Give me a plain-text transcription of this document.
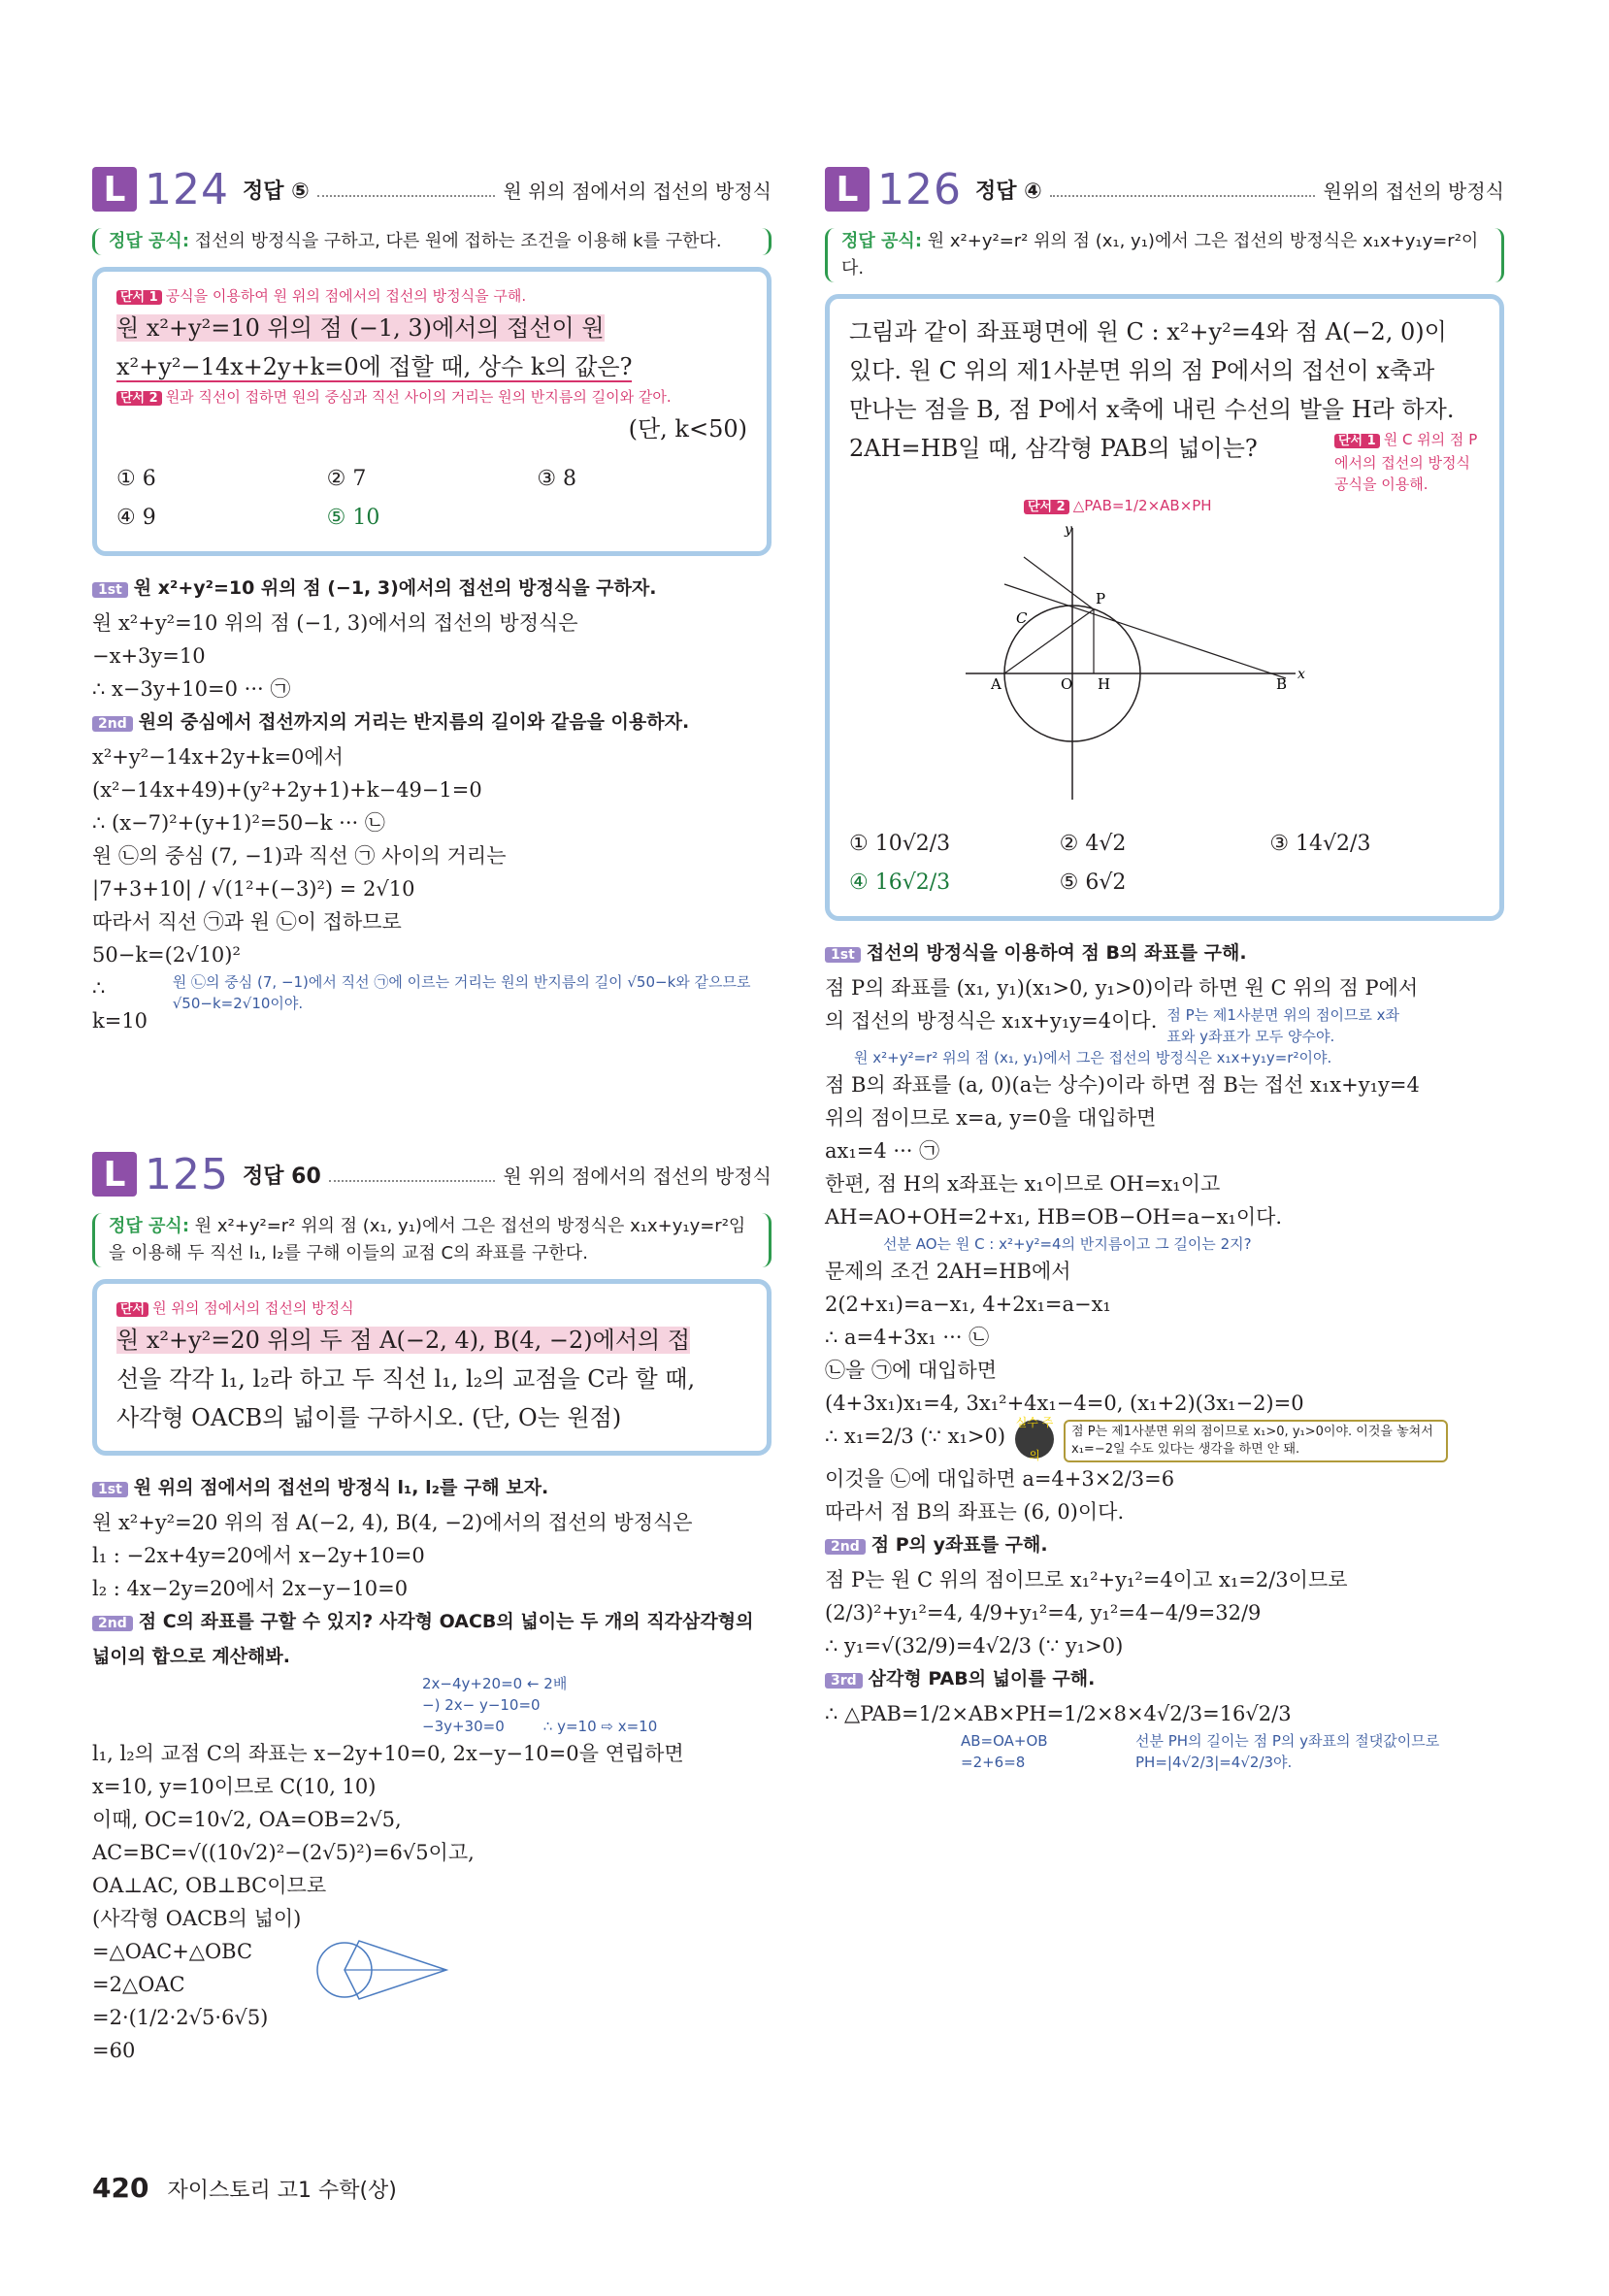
L 124 정답 ⑤	원 위의 점에서의 접선의 방정식
정답 공식: 접선의 방정식을 구하고, 다른 원에 접하는 조건을 이용해 k를 구한다.
단서 1 공식을 이용하여 원 위의 점에서의 접선의 방정식을 구해.
원 x²+y²=10 위의 점 (−1, 3)에서의 접선이 원
x²+y²−14x+2y+k=0에 접할 때, 상수 k의 값은?
단서 2 원과 직선이 접하면 원의 중심과 직선 사이의 거리는 원의 반지름의 길이와 같아.
(단, k<50)
① 6	② 7	③ 8
④ 9	⑤ 10
1st 원 x²+y²=10 위의 점 (−1, 3)에서의 접선의 방정식을 구하자.
원 x²+y²=10 위의 점 (−1, 3)에서의 접선의 방정식은
−x+3y=10
∴ x−3y+10=0 ··· ㉠
2nd 원의 중심에서 접선까지의 거리는 반지름의 길이와 같음을 이용하자.
x²+y²−14x+2y+k=0에서
(x²−14x+49)+(y²+2y+1)+k−49−1=0
∴ (x−7)²+(y+1)²=50−k ··· ㉡
원 ㉡의 중심 (7, −1)과 직선 ㉠ 사이의 거리는
|7+3+10| / √(1²+(−3)²) = 2√10
따라서 직선 ㉠과 원 ㉡이 접하므로
50−k=(2√10)²
∴ k=10
원 ㉡의 중심 (7, −1)에서 직선 ㉠에 이르는 거리는 원의 반지름의 길이 √50−k와 같으므로 √50−k=2√10이야.
L 125 정답 60	원 위의 점에서의 접선의 방정식
정답 공식: 원 x²+y²=r² 위의 점 (x₁, y₁)에서 그은 접선의 방정식은 x₁x+y₁y=r²임을 이용해 두 직선 l₁, l₂를 구해 이들의 교점 C의 좌표를 구한다.
단서 원 위의 점에서의 접선의 방정식
원 x²+y²=20 위의 두 점 A(−2, 4), B(4, −2)에서의 접
선을 각각 l₁, l₂라 하고 두 직선 l₁, l₂의 교점을 C라 할 때,
사각형 OACB의 넓이를 구하시오. (단, O는 원점)
1st 원 위의 점에서의 접선의 방정식 l₁, l₂를 구해 보자.
원 x²+y²=20 위의 점 A(−2, 4), B(4, −2)에서의 접선의 방정식은
l₁ : −2x+4y=20에서 x−2y+10=0
l₂ : 4x−2y=20에서 2x−y−10=0
2nd 점 C의 좌표를 구할 수 있지? 사각형 OACB의 넓이는 두 개의 직각삼각형의 넓이의 합으로 계산해봐.
2x−4y+20=0 ← 2배
−) 2x− y−10=0
−3y+30=0	∴ y=10 ⇨ x=10
l₁, l₂의 교점 C의 좌표는 x−2y+10=0, 2x−y−10=0을 연립하면
x=10, y=10이므로 C(10, 10)
이때, OC=10√2, OA=OB=2√5,
AC=BC=√((10√2)²−(2√5)²)=6√5이고,
OA⊥AC, OB⊥BC이므로
(사각형 OACB의 넓이)
=△OAC+△OBC
=2△OAC
=2·(1/2·2√5·6√5)
=60
L 126 정답 ④	원위의 접선의 방정식
정답 공식: 원 x²+y²=r² 위의 점 (x₁, y₁)에서 그은 접선의 방정식은 x₁x+y₁y=r²이다.
그림과 같이 좌표평면에 원 C : x²+y²=4와 점 A(−2, 0)이
있다. 원 C 위의 제1사분면 위의 점 P에서의 접선이 x축과
만나는 점을 B, 점 P에서 x축에 내린 수선의 발을 H라 하자.
2AH=HB일 때, 삼각형 PAB의 넓이는?	단서 1 원 C 위의 점 P에서의 접선의 방정식 공식을 이용해.
단서 2 △PAB=1/2×AB×PH
y
x
P
C
A	O H	B
① 10√2/3	② 4√2	③ 14√2/3
④ 16√2/3	⑤ 6√2
1st 접선의 방정식을 이용하여 점 B의 좌표를 구해.
점 P의 좌표를 (x₁, y₁)(x₁>0, y₁>0)이라 하면 원 C 위의 점 P에서
의 접선의 방정식은 x₁x+y₁y=4이다. 점 P는 제1사분면 위의 점이므로 x좌표와 y좌표가 모두 양수야.
원 x²+y²=r² 위의 점 (x₁, y₁)에서 그은 접선의 방정식은 x₁x+y₁y=r²이야.
점 B의 좌표를 (a, 0)(a는 상수)이라 하면 점 B는 접선 x₁x+y₁y=4
위의 점이므로 x=a, y=0을 대입하면
ax₁=4 ··· ㉠
한편, 점 H의 x좌표는 x₁이므로 OH=x₁이고
AH=AO+OH=2+x₁, HB=OB−OH=a−x₁이다.
선분 AO는 원 C : x²+y²=4의 반지름이고 그 길이는 2지?
문제의 조건 2AH=HB에서
2(2+x₁)=a−x₁, 4+2x₁=a−x₁
∴ a=4+3x₁ ··· ㉡
㉡을 ㉠에 대입하면
(4+3x₁)x₁=4, 3x₁²+4x₁−4=0, (x₁+2)(3x₁−2)=0
∴ x₁=2/3 (∵ x₁>0)
실수 주의
점 P는 제1사분면 위의 점이므로 x₁>0, y₁>0이야. 이것을 놓쳐서 x₁=−2일 수도 있다는 생각을 하면 안 돼.
이것을 ㉡에 대입하면 a=4+3×2/3=6
따라서 점 B의 좌표는 (6, 0)이다.
2nd 점 P의 y좌표를 구해.
점 P는 원 C 위의 점이므로 x₁²+y₁²=4이고 x₁=2/3이므로
(2/3)²+y₁²=4, 4/9+y₁²=4, y₁²=4−4/9=32/9
∴ y₁=√(32/9)=4√2/3 (∵ y₁>0)
3rd 삼각형 PAB의 넓이를 구해.
∴ △PAB=1/2×AB×PH=1/2×8×4√2/3=16√2/3
AB=OA+OB =2+6=8
선분 PH의 길이는 점 P의 y좌표의 절댓값이므로 PH=|4√2/3|=4√2/3야.
420 자이스토리 고1 수학(상)
